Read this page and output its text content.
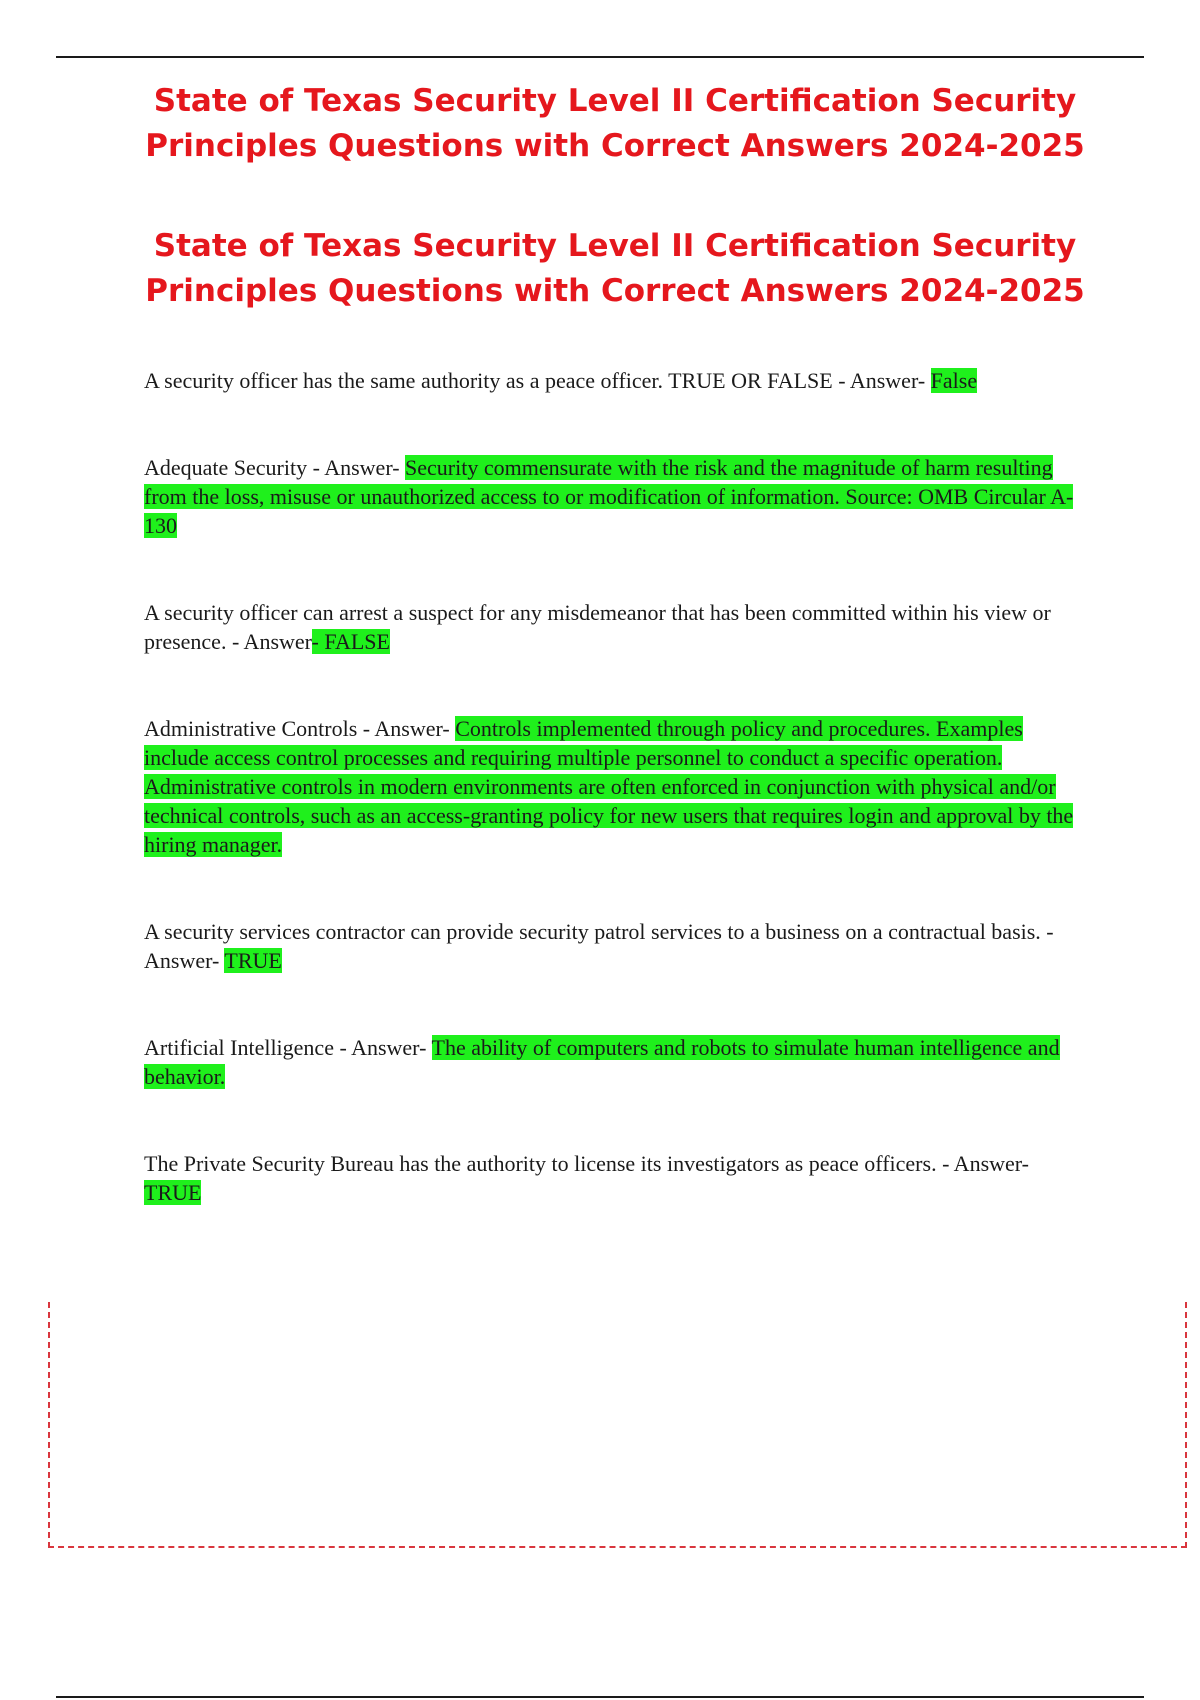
State of Texas Security Level II Certification Security Principles Questions with Correct Answers 2024-2025
State of Texas Security Level II Certification Security Principles Questions with Correct Answers 2024-2025

A security officer has the same authority as a peace officer. TRUE OR FALSE - Answer- False

Adequate Security - Answer- Security commensurate with the risk and the magnitude of harm resulting from the loss, misuse or unauthorized access to or modification of information. Source: OMB Circular A-130

A security officer can arrest a suspect for any misdemeanor that has been committed within his view or presence. - Answer- FALSE

Administrative Controls - Answer- Controls implemented through policy and procedures. Examples include access control processes and requiring multiple personnel to conduct a specific operation. Administrative controls in modern environments are often enforced in conjunction with physical and/or technical controls, such as an access-granting policy for new users that requires login and approval by the hiring manager.

A security services contractor can provide security patrol services to a business on a contractual basis. - Answer- TRUE

Artificial Intelligence - Answer- The ability of computers and robots to simulate human intelligence and behavior.

The Private Security Bureau has the authority to license its investigators as peace officers. - Answer- TRUE
